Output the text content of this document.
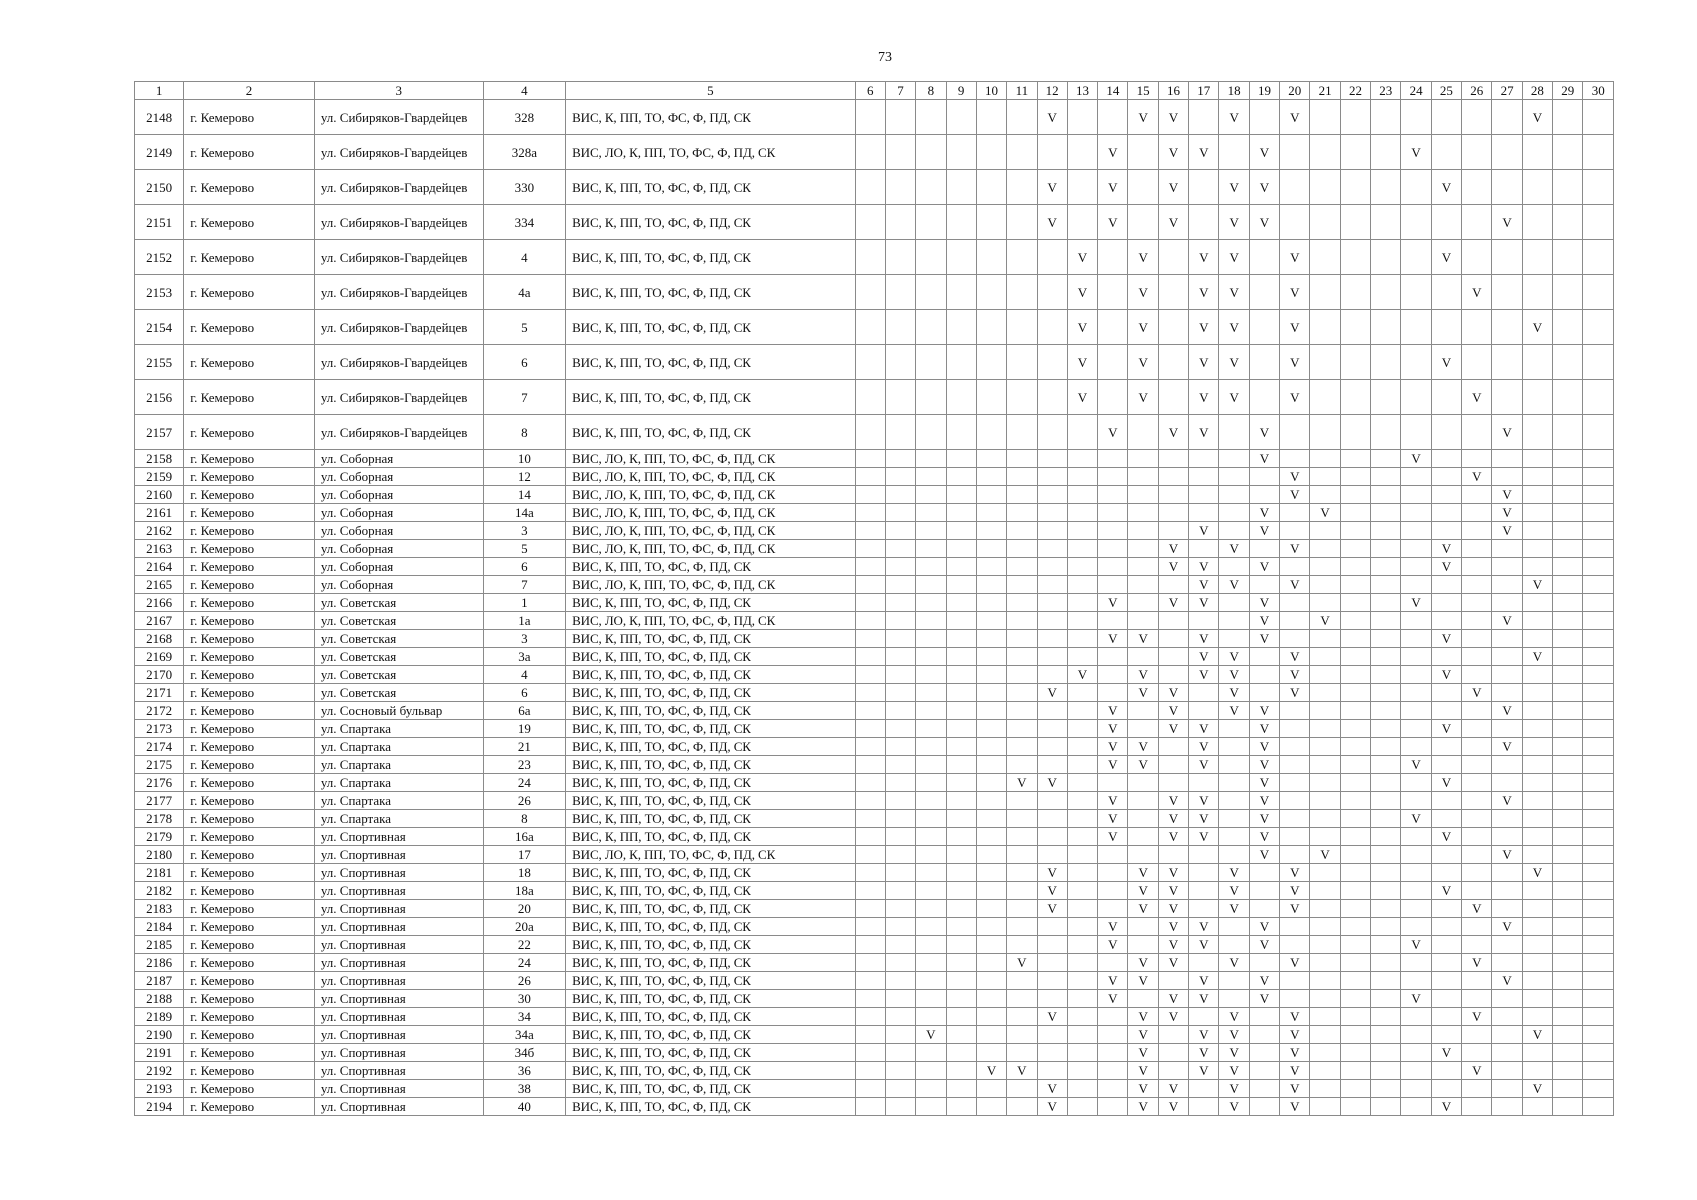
73
1	2	3	4	5	6	7	8	9	10	11	12	13	14	15	16	17	18	19	20	21	22	23	24	25	26	27	28	29	30
2148	г. Кемерово	ул. Сибиряков-Гвардейцев	328	ВИС, К, ПП, ТО, ФС, Ф, ПД, СК							V			V	V		V		V								V		
2149	г. Кемерово	ул. Сибиряков-Гвардейцев	328а	ВИС, ЛО, К, ПП, ТО, ФС, Ф, ПД, СК									V		V	V		V					V						
2150	г. Кемерово	ул. Сибиряков-Гвардейцев	330	ВИС, К, ПП, ТО, ФС, Ф, ПД, СК							V		V		V		V	V						V					
2151	г. Кемерово	ул. Сибиряков-Гвардейцев	334	ВИС, К, ПП, ТО, ФС, Ф, ПД, СК							V		V		V		V	V								V			
2152	г. Кемерово	ул. Сибиряков-Гвардейцев	4	ВИС, К, ПП, ТО, ФС, Ф, ПД, СК								V		V		V	V		V					V					
2153	г. Кемерово	ул. Сибиряков-Гвардейцев	4а	ВИС, К, ПП, ТО, ФС, Ф, ПД, СК								V		V		V	V		V						V				
2154	г. Кемерово	ул. Сибиряков-Гвардейцев	5	ВИС, К, ПП, ТО, ФС, Ф, ПД, СК								V		V		V	V		V								V		
2155	г. Кемерово	ул. Сибиряков-Гвардейцев	6	ВИС, К, ПП, ТО, ФС, Ф, ПД, СК								V		V		V	V		V					V					
2156	г. Кемерово	ул. Сибиряков-Гвардейцев	7	ВИС, К, ПП, ТО, ФС, Ф, ПД, СК								V		V		V	V		V						V				
2157	г. Кемерово	ул. Сибиряков-Гвардейцев	8	ВИС, К, ПП, ТО, ФС, Ф, ПД, СК									V		V	V		V								V			
2158	г. Кемерово	ул. Соборная	10	ВИС, ЛО, К, ПП, ТО, ФС, Ф, ПД, СК														V					V						
2159	г. Кемерово	ул. Соборная	12	ВИС, ЛО, К, ПП, ТО, ФС, Ф, ПД, СК															V						V				
2160	г. Кемерово	ул. Соборная	14	ВИС, ЛО, К, ПП, ТО, ФС, Ф, ПД, СК															V							V			
2161	г. Кемерово	ул. Соборная	14а	ВИС, ЛО, К, ПП, ТО, ФС, Ф, ПД, СК														V		V						V			
2162	г. Кемерово	ул. Соборная	3	ВИС, ЛО, К, ПП, ТО, ФС, Ф, ПД, СК												V		V								V			
2163	г. Кемерово	ул. Соборная	5	ВИС, ЛО, К, ПП, ТО, ФС, Ф, ПД, СК											V		V		V					V					
2164	г. Кемерово	ул. Соборная	6	ВИС, К, ПП, ТО, ФС, Ф, ПД, СК											V	V		V						V					
2165	г. Кемерово	ул. Соборная	7	ВИС, ЛО, К, ПП, ТО, ФС, Ф, ПД, СК												V	V		V								V		
2166	г. Кемерово	ул. Советская	1	ВИС, К, ПП, ТО, ФС, Ф, ПД, СК									V		V	V		V					V						
2167	г. Кемерово	ул. Советская	1а	ВИС, ЛО, К, ПП, ТО, ФС, Ф, ПД, СК														V		V						V			
2168	г. Кемерово	ул. Советская	3	ВИС, К, ПП, ТО, ФС, Ф, ПД, СК									V	V		V		V						V					
2169	г. Кемерово	ул. Советская	3а	ВИС, К, ПП, ТО, ФС, Ф, ПД, СК												V	V		V								V		
2170	г. Кемерово	ул. Советская	4	ВИС, К, ПП, ТО, ФС, Ф, ПД, СК								V		V		V	V		V					V					
2171	г. Кемерово	ул. Советская	6	ВИС, К, ПП, ТО, ФС, Ф, ПД, СК							V			V	V		V		V						V				
2172	г. Кемерово	ул. Сосновый бульвар	6а	ВИС, К, ПП, ТО, ФС, Ф, ПД, СК									V		V		V	V								V			
2173	г. Кемерово	ул. Спартака	19	ВИС, К, ПП, ТО, ФС, Ф, ПД, СК									V		V	V		V						V					
2174	г. Кемерово	ул. Спартака	21	ВИС, К, ПП, ТО, ФС, Ф, ПД, СК									V	V		V		V								V			
2175	г. Кемерово	ул. Спартака	23	ВИС, К, ПП, ТО, ФС, Ф, ПД, СК									V	V		V		V					V						
2176	г. Кемерово	ул. Спартака	24	ВИС, К, ПП, ТО, ФС, Ф, ПД, СК						V	V							V						V					
2177	г. Кемерово	ул. Спартака	26	ВИС, К, ПП, ТО, ФС, Ф, ПД, СК									V		V	V		V								V			
2178	г. Кемерово	ул. Спартака	8	ВИС, К, ПП, ТО, ФС, Ф, ПД, СК									V		V	V		V					V						
2179	г. Кемерово	ул. Спортивная	16а	ВИС, К, ПП, ТО, ФС, Ф, ПД, СК									V		V	V		V						V					
2180	г. Кемерово	ул. Спортивная	17	ВИС, ЛО, К, ПП, ТО, ФС, Ф, ПД, СК														V		V						V			
2181	г. Кемерово	ул. Спортивная	18	ВИС, К, ПП, ТО, ФС, Ф, ПД, СК							V			V	V		V		V								V		
2182	г. Кемерово	ул. Спортивная	18а	ВИС, К, ПП, ТО, ФС, Ф, ПД, СК							V			V	V		V		V					V					
2183	г. Кемерово	ул. Спортивная	20	ВИС, К, ПП, ТО, ФС, Ф, ПД, СК							V			V	V		V		V						V				
2184	г. Кемерово	ул. Спортивная	20а	ВИС, К, ПП, ТО, ФС, Ф, ПД, СК									V		V	V		V								V			
2185	г. Кемерово	ул. Спортивная	22	ВИС, К, ПП, ТО, ФС, Ф, ПД, СК									V		V	V		V					V						
2186	г. Кемерово	ул. Спортивная	24	ВИС, К, ПП, ТО, ФС, Ф, ПД, СК						V				V	V		V		V						V				
2187	г. Кемерово	ул. Спортивная	26	ВИС, К, ПП, ТО, ФС, Ф, ПД, СК									V	V		V		V								V			
2188	г. Кемерово	ул. Спортивная	30	ВИС, К, ПП, ТО, ФС, Ф, ПД, СК									V		V	V		V					V						
2189	г. Кемерово	ул. Спортивная	34	ВИС, К, ПП, ТО, ФС, Ф, ПД, СК							V			V	V		V		V						V				
2190	г. Кемерово	ул. Спортивная	34а	ВИС, К, ПП, ТО, ФС, Ф, ПД, СК			V							V		V	V		V								V		
2191	г. Кемерово	ул. Спортивная	34б	ВИС, К, ПП, ТО, ФС, Ф, ПД, СК										V		V	V		V					V					
2192	г. Кемерово	ул. Спортивная	36	ВИС, К, ПП, ТО, ФС, Ф, ПД, СК					V	V				V		V	V		V						V				
2193	г. Кемерово	ул. Спортивная	38	ВИС, К, ПП, ТО, ФС, Ф, ПД, СК							V			V	V		V		V								V		
2194	г. Кемерово	ул. Спортивная	40	ВИС, К, ПП, ТО, ФС, Ф, ПД, СК							V			V	V		V		V					V					
